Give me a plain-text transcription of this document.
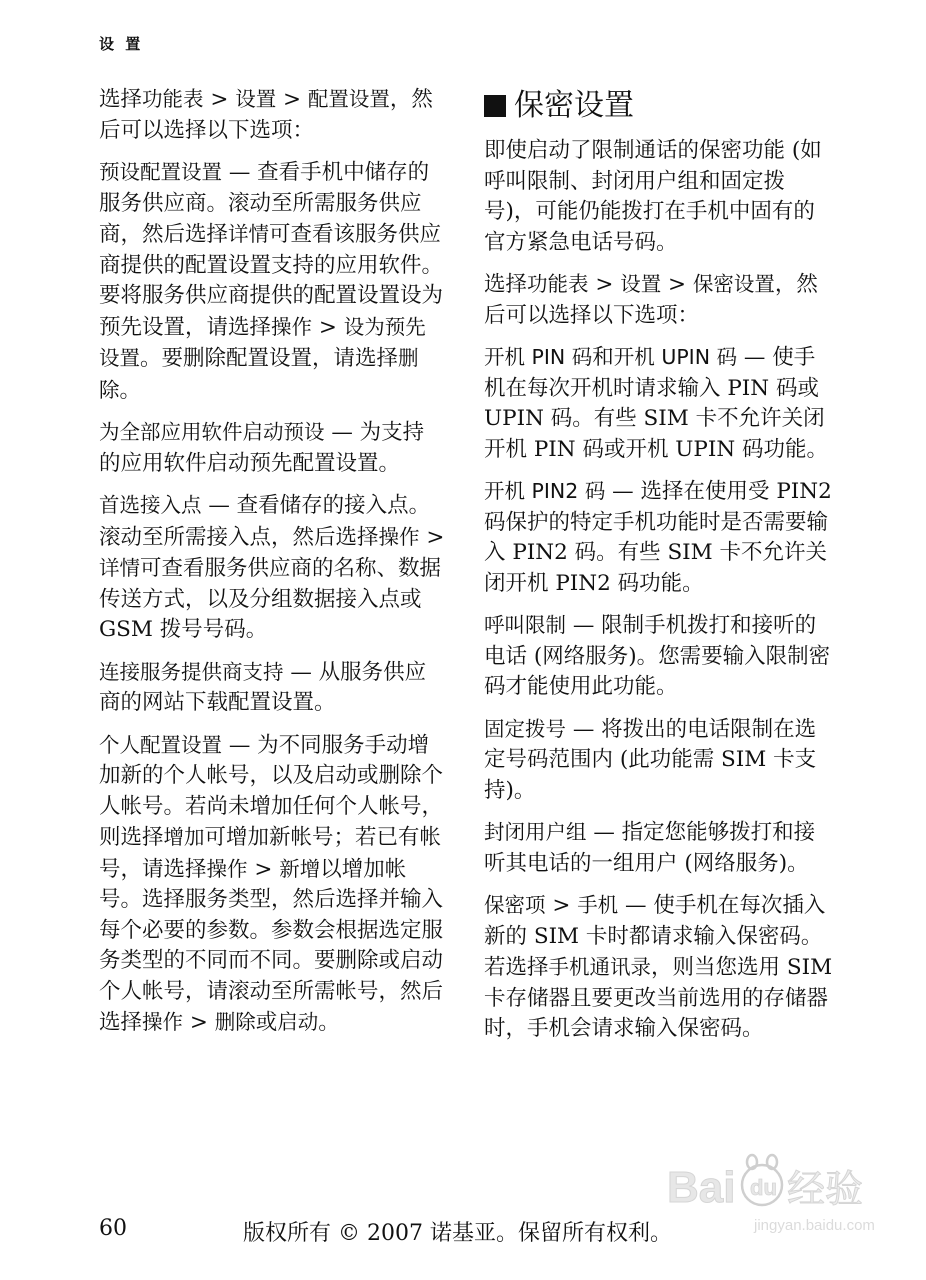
设 置

选择功能表 > 设置 > 配置设置，然后可以选择以下选项：

预设配置设置 — 查看手机中储存的服务供应商。滚动至所需服务供应商，然后选择详情可查看该服务供应商提供的配置设置支持的应用软件。要将服务供应商提供的配置设置设为预先设置，请选择操作 > 设为预先设置。要删除配置设置，请选择删除。

为全部应用软件启动预设 — 为支持的应用软件启动预先配置设置。

首选接入点 — 查看储存的接入点。滚动至所需接入点，然后选择操作 > 详情可查看服务供应商的名称、数据传送方式，以及分组数据接入点或 GSM 拨号号码。

连接服务提供商支持 — 从服务供应商的网站下载配置设置。

个人配置设置 — 为不同服务手动增加新的个人帐号，以及启动或删除个人帐号。若尚未增加任何个人帐号，则选择增加可增加新帐号；若已有帐号，请选择操作 > 新增以增加帐号。选择服务类型，然后选择并输入每个必要的参数。参数会根据选定服务类型的不同而不同。要删除或启动个人帐号，请滚动至所需帐号，然后选择操作 > 删除或启动。

保密设置

即使启动了限制通话的保密功能 (如呼叫限制、封闭用户组和固定拨号)，可能仍能拨打在手机中固有的官方紧急电话号码。

选择功能表 > 设置 > 保密设置，然后可以选择以下选项：

开机 PIN 码和开机 UPIN 码 — 使手机在每次开机时请求输入 PIN 码或 UPIN 码。有些 SIM 卡不允许关闭开机 PIN 码或开机 UPIN 码功能。

开机 PIN2 码 — 选择在使用受 PIN2 码保护的特定手机功能时是否需要输入 PIN2 码。有些 SIM 卡不允许关闭开机 PIN2 码功能。

呼叫限制 — 限制手机拨打和接听的电话 (网络服务)。您需要输入限制密码才能使用此功能。

固定拨号 — 将拨出的电话限制在选定号码范围内 (此功能需 SIM 卡支持)。

封闭用户组 — 指定您能够拨打和接听其电话的一组用户 (网络服务)。

保密项 > 手机 — 使手机在每次插入新的 SIM 卡时都请求输入保密码。若选择手机通讯录，则当您选用 SIM 卡存储器且要更改当前选用的存储器时，手机会请求输入保密码。

60	版权所有 © 2007 诺基亚。保留所有权利。
Bai du 经验
jingyan.baidu.com
